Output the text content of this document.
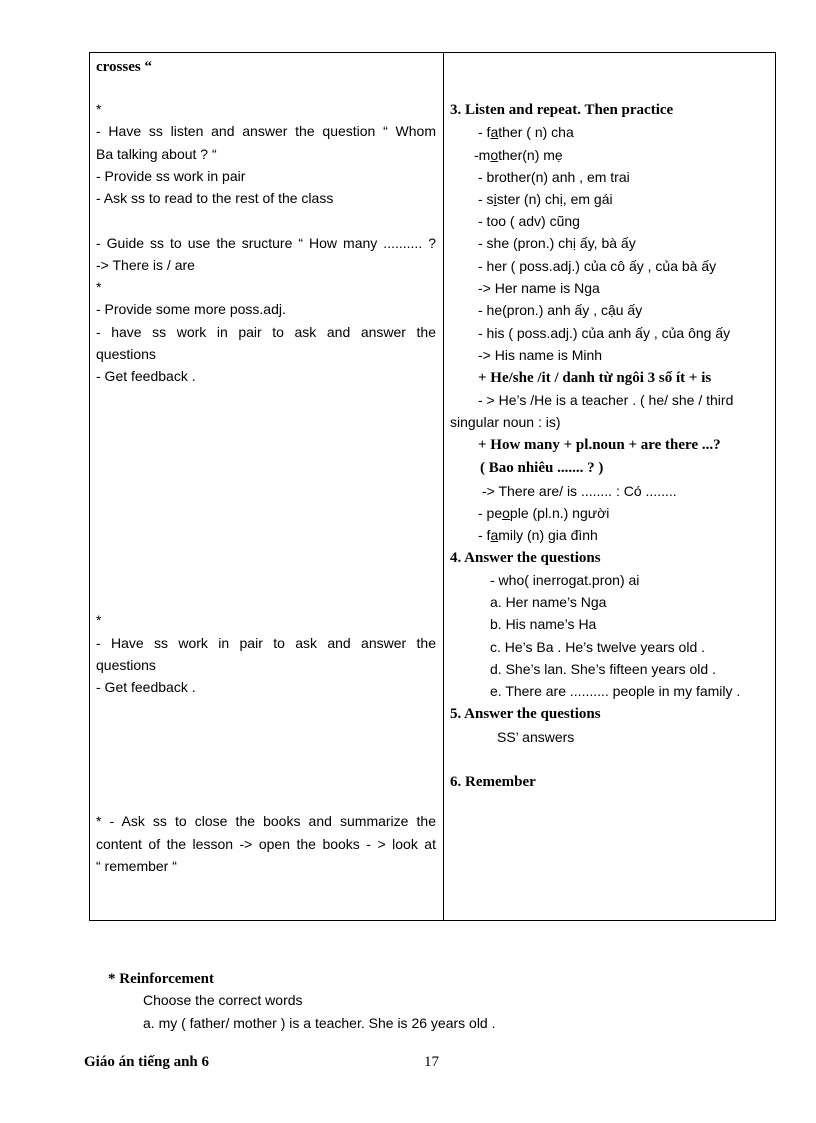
crosses “
*
- Have ss listen and answer the question “ Whom
Ba talking about ? “
- Provide ss work in pair
- Ask ss to read to the rest of the class
- Guide ss to use the sructure “ How many .......... ?
-> There is / are
*
- Provide some more poss.adj.
- have ss work in pair to ask and answer the
questions
- Get feedback .
*
- Have ss work in pair to ask and answer the
questions
- Get feedback .
* - Ask ss to close the books and summarize the
content of the lesson -> open the books - > look at
“ remember “
3. Listen and repeat. Then practice
- father ( n) cha
-mother(n) mẹ
- brother(n) anh , em trai
- sister (n) chị, em gái
- too ( adv) cũng
- she (pron.) chị ấy, bà ấy
- her ( poss.adj.) của cô ấy , của bà ấy
-> Her name is Nga
- he(pron.) anh ấy , cậu ấy
- his ( poss.adj.) của anh ấy , của ông ấy
-> His name is Minh
+ He/she /it / danh từ ngôi 3 số ít + is
- > He’s /He is a teacher . ( he/ she / third
singular noun : is)
+ How many + pl.noun + are there ...?
( Bao nhiêu ....... ? )
-> There are/ is ........ : Có ........
- people (pl.n.) người
- family (n) gia đình
4. Answer the questions
- who( inerrogat.pron) ai
a. Her name’s Nga
b. His name’s Ha
c. He’s Ba . He’s twelve years old .
d. She’s lan. She’s fifteen years old .
e. There are .......... people in my family .
5. Answer the questions
SS’ answers
6. Remember
* Reinforcement
Choose the correct words
a. my ( father/ mother ) is a teacher. She is 26 years old .
Giáo án tiếng anh 6	17
